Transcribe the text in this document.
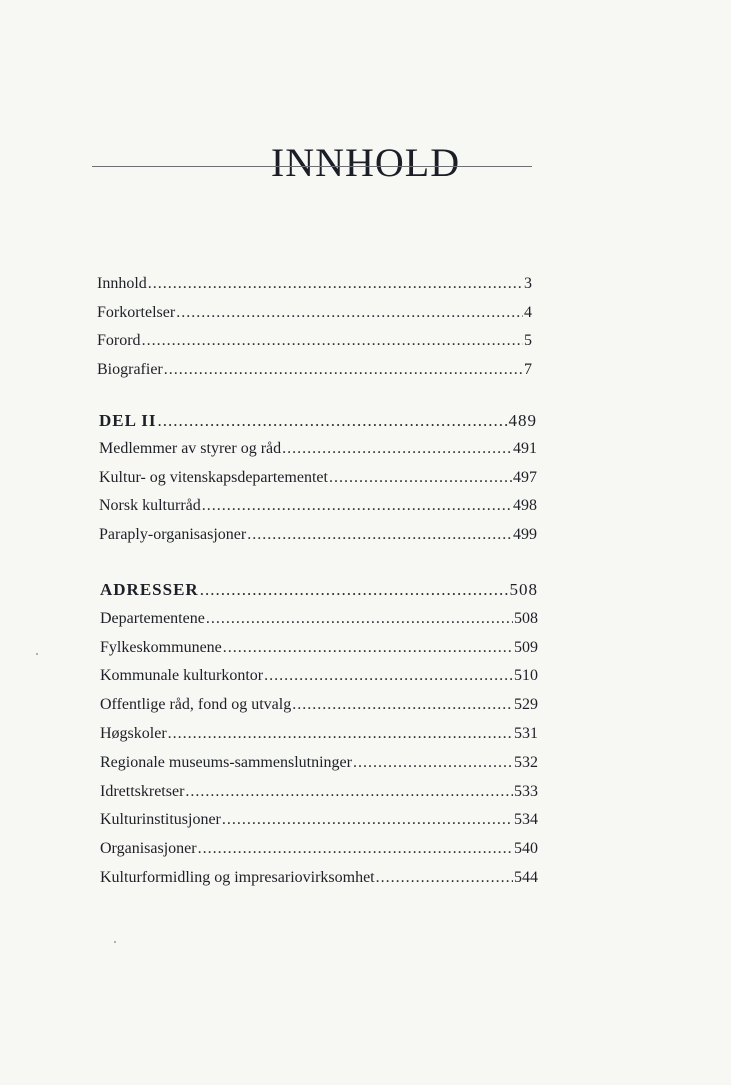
INNHOLD
Innhold .....	3
Forkortelser .....	4
Forord .....	5
Biografier .....	7
DEL II .....	489
Medlemmer av styrer og råd .....	491
Kultur- og vitenskapsdepartementet .....	497
Norsk kulturråd .....	498
Paraply-organisasjoner .....	499
ADRESSER .....	508
Departementene .....	508
Fylkeskommunene .....	509
Kommunale kulturkontor .....	510
Offentlige råd, fond og utvalg .....	529
Høgskoler .....	531
Regionale museums-sammenslutninger .....	532
Idrettskretser .....	533
Kulturinstitusjoner .....	534
Organisasjoner .....	540
Kulturformidling og impresariovirksomhet .....	544
